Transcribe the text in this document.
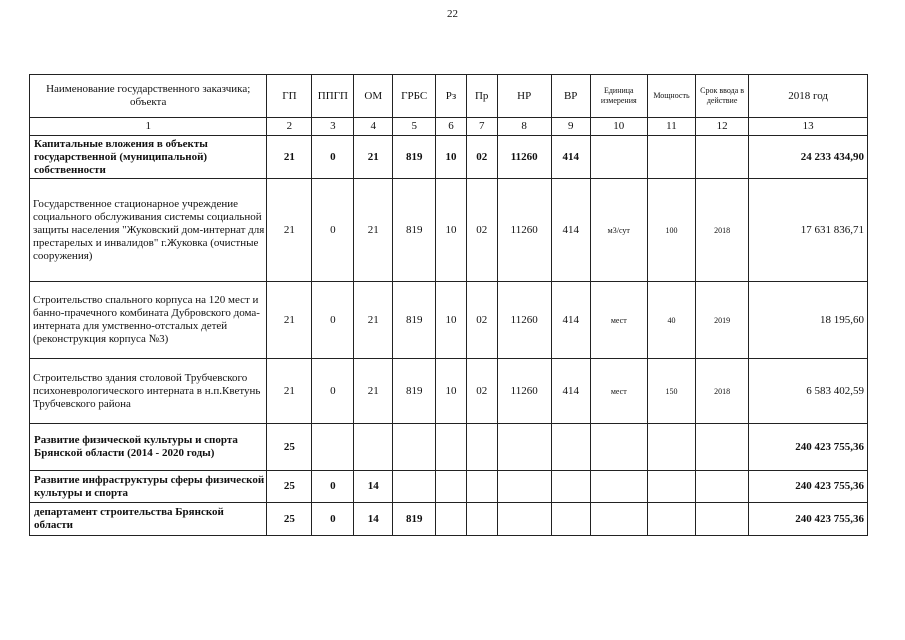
22
Наименование государственного заказчика; объекта	ГП	ППГП	ОМ	ГРБС	Рз	Пр	НР	ВР	Единица измерения	Мощность	Срок ввода в действие	2018 год
1	2	3	4	5	6	7	8	9	10	11	12	13
Капитальные вложения в объекты государственной (муниципальной) собственности	21	0	21	819	10	02	11260	414				24 233 434,90
Государственное стационарное учреждение социального обслуживания системы социальной защиты населения "Жуковский дом-интернат для престарелых и инвалидов" г.Жуковка (очистные сооружения)	21	0	21	819	10	02	11260	414	м3/сут	100	2018	17 631 836,71
Строительство спального корпуса на 120 мест и банно-прачечного комбината Дубровского дома-интерната для умственно-отсталых детей (реконструкция корпуса №3)	21	0	21	819	10	02	11260	414	мест	40	2019	18 195,60
Строительство здания столовой Трубчевского психоневрологического интерната в н.п.Кветунь Трубчевского района	21	0	21	819	10	02	11260	414	мест	150	2018	6 583 402,59
Развитие физической культуры и спорта Брянской области (2014 - 2020 годы)	25											240 423 755,36
Развитие инфраструктуры сферы физической культуры и спорта	25	0	14									240 423 755,36
департамент строительства Брянской области	25	0	14	819								240 423 755,36
